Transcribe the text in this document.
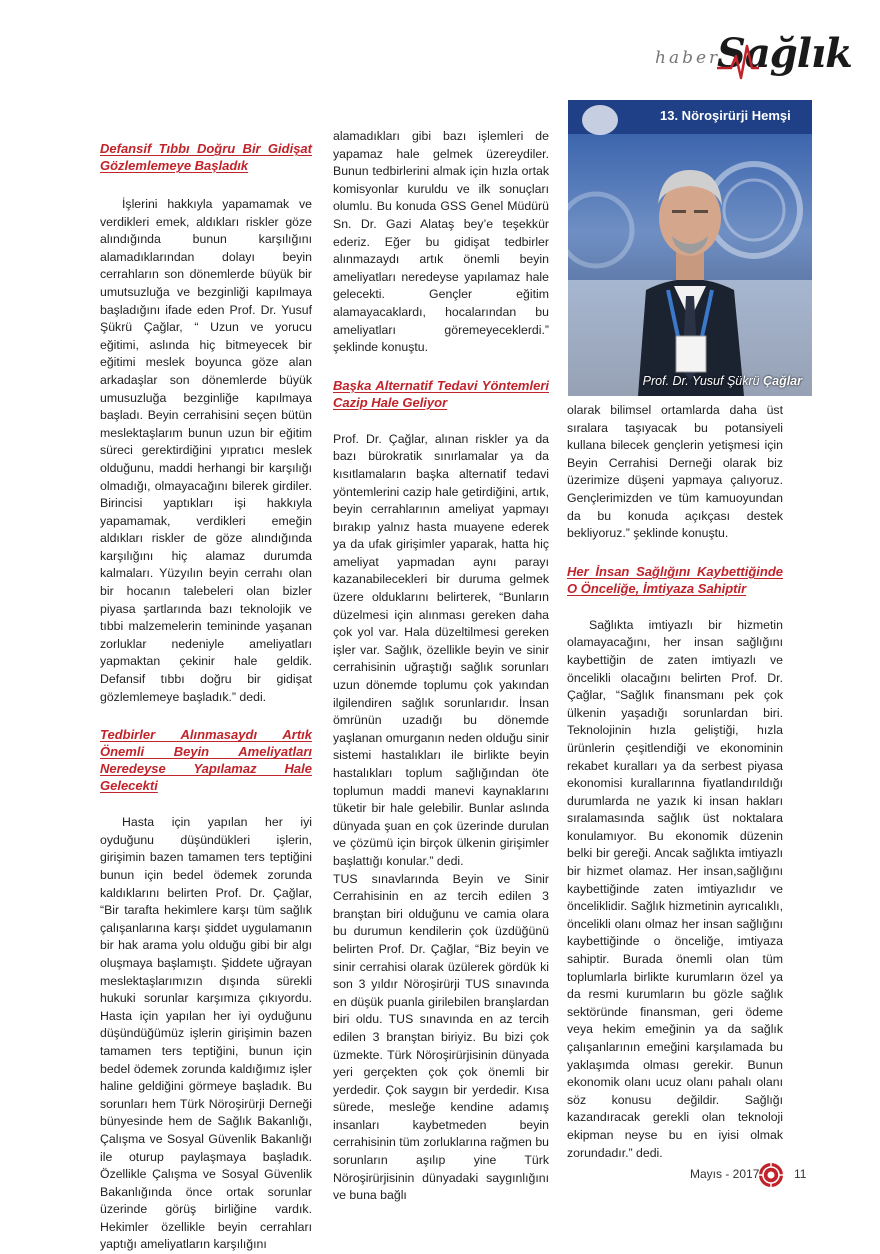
haber
Sağlık

Defansif Tıbbı Doğru Bir Gidişat Gözlemlemeye Başladık

İşlerini hakkıyla yapamamak ve verdikleri emek, aldıkları riskler göze alındığında bunun karşılığını alamadıklarından dolayı beyin cerrahların son dönemlerde büyük bir umutsuzluğa ve bezginliği kapılmaya başladığını ifade eden Prof. Dr. Yusuf Şükrü Çağlar, “ Uzun ve yorucu eğitimi, aslında hiç bitmeyecek bir eğitimi meslek boyunca göze alan arkadaşlar son dönemlerde büyük umusuzluğa bezginliğe kapılmaya başladı. Beyin cerrahisini seçen bütün meslektaşlarım bunun uzun bir eğitim süreci gerektirdiğini yıpratıcı meslek olduğunu, maddi herhangi bir karşılığı olmadığı, olmayacağını bilerek girdiler. Birincisi yaptıkları işi hakkıyla yapamamak, verdikleri emeğin aldıkları riskler de göze alındığında karşılığını hiç alamaz durumda kalmaları. Yüzyılın beyin cerrahı olan bir hocanın talebeleri olan bizler piyasa şartlarında bazı teknolojik ve tıbbi malzemelerin temininde yaşanan zorluklar nedeniyle ameliyatları yapmaktan çekinir hale geldik. Defansif tıbbı doğru bir gidişat gözlemlemeye başladık.” dedi.

Tedbirler Alınmasaydı Artık Önemli Beyin Ameliyatları Neredeyse Yapılamaz Hale Gelecekti

Hasta için yapılan her iyi oyduğunu düşündükleri işlerin, girişimin bazen tamamen ters teptiğini bunun için bedel ödemek zorunda kaldıklarını belirten Prof. Dr. Çağlar, “Bir tarafta hekimlere karşı tüm sağlık çalışanlarına karşı şiddet uygulamanın bir hak arama yolu olduğu gibi bir algı oluşmaya başlamıştı. Şiddete uğrayan meslektaşlarımızın dışında sürekli hukuki sorunlar karşımıza çıkıyordu. Hasta için yapılan her iyi oyduğunu düşündüğümüz işlerin girişimin bazen tamamen ters teptiğini, bunun için bedel ödemek zorunda kaldığımız işler haline geldiğini görmeye başladık. Bu sorunları hem Türk Nöroşirürji Derneği bünyesinde hem de Sağlık Bakanlığı, Çalışma ve Sosyal Güvenlik Bakanlığı ile oturup paylaşmaya başladık. Özellikle Çalışma ve Sosyal Güvenlik Bakanlığında önce ortak sorunlar üzerinde görüş birliğine vardık. Hekimler özellikle beyin cerrahları yaptığı ameliyatların karşılığını

alamadıkları gibi bazı işlemleri de yapamaz hale gelmek üzereydiler. Bunun tedbirlerini almak için hızla ortak komisyonlar kuruldu ve ilk sonuçları olumlu. Bu konuda GSS Genel Müdürü Sn. Dr. Gazi Alataş bey’e teşekkür ederiz. Eğer bu gidişat tedbirler alınmazaydı artık önemli beyin ameliyatları neredeyse yapılamaz hale gelecekti. Gençler eğitim alamayacaklardı, hocalarından bu ameliyatları göremeyeceklerdi.” şeklinde konuştu.

Başka Alternatif Tedavi Yöntemleri Cazip Hale Geliyor

Prof. Dr. Çağlar, alınan riskler ya da bazı bürokratik sınırlamalar ya da kısıtlamaların başka alternatif tedavi yöntemlerini cazip hale getirdiğini, artık, beyin cerrahlarının ameliyat yapmayı bırakıp yalnız hasta muayene ederek ya da ufak girişimler yaparak, hatta hiç ameliyat yapmadan aynı parayı kazanabilecekleri bir duruma gelmek üzere olduklarını belirterek, “Bunların düzelmesi için alınması gereken daha çok yol var. Hala düzeltilmesi gereken işler var. Sağlık, özellikle beyin ve sinir cerrahisinin uğraştığı sağlık sorunları uzun dönemde toplumu çok yakından ilgilendiren sağlık sorunlarıdır. İnsan ömrünün uzadığı bu dönemde yaşlanan omurganın neden olduğu sinir sistemi hastalıkları ile birlikte beyin hastalıkları toplum sağlığından öte toplumun maddi manevi kaynaklarını tüketir bir hale gelebilir. Bunlar aslında dünyada şuan en çok üzerinde durulan ve çözümü için birçok ülkenin girişimler başlattığı konular.” dedi.

TUS sınavlarında Beyin ve Sinir Cerrahisinin en az tercih edilen 3 branştan biri olduğunu ve camia olara bu durumun kendilerin çok üzdüğünü belirten Prof. Dr. Çağlar, “Biz beyin ve sinir cerrahisi olarak üzülerek gördük ki son 3 yıldır Nöroşirürji TUS sınavında en düşük puanla girilebilen branşlardan biri oldu. TUS sınavında en az tercih edilen 3 branştan biriyiz. Bu bizi çok üzmekte. Türk Nöroşirürjisinin dünyada yeri gerçekten çok çok önemli bir yerdedir. Çok saygın bir yerdedir. Kısa sürede, mesleğe kendine adamış insanları kaybetmeden beyin cerrahisinin tüm zorluklarına rağmen bu sorunların aşılıp yine Türk Nöroşirürjisinin dünyadaki saygınlığını ve buna bağlı

13. Nöroşirürji Hemşi
Prof. Dr. Yusuf Şükrü Çağlar

olarak bilimsel ortamlarda daha üst sıralara taşıyacak bu potansiyeli kullana bilecek gençlerin yetişmesi için Beyin Cerrahisi Derneği olarak biz üzerimize düşeni yapmaya çalıyoruz. Gençlerimizden ve tüm kamuoyundan da bu konuda açıkçası destek bekliyoruz.” şeklinde konuştu.

Her İnsan Sağlığını Kaybettiğinde O Önceliğe, İmtiyaza Sahiptir

Sağlıkta imtiyazlı bir hizmetin olamayacağını, her insan sağlığını kaybettiğin de zaten imtiyazlı ve öncelikli olacağını belirten Prof. Dr. Çağlar, “Sağlık finansmanı pek çok ülkenin yaşadığı sorunlardan biri. Teknolojinin hızla geliştiği, hızla ürünlerin çeşitlendiği ve ekonominin rekabet kuralları ya da serbest piyasa ekonomisi kurallarınna fiyatlandırıldığı durumlarda ne yazık ki insan hakları sıralamasında sağlık üst noktalara konulamıyor. Bu ekonomik düzenin belki bir gereği. Ancak sağlıkta imtiyazlı bir hizmet olamaz. Her insan,sağlığını kaybettiğinde zaten imtiyazlıdır ve önceliklidir. Sağlık hizmetinin ayrıcalıklı, öncelikli olanı olmaz her insan sağlığını kaybettiğinde o önceliğe, imtiyaza sahiptir. Burada önemli olan tüm toplumlarla birlikte kurumların özel ya da resmi kurumların bu gözle sağlık sektöründe finansman, geri ödeme veya hekim emeğinin ya da sağlık çalışanlarının emeğini karşılamada bu yaklaşımda olması gerekir. Bunun ekonomik olanı ucuz olanı pahalı olanı söz konusu değildir. Sağlığı kazandıracak gerekli olan teknoloji ekipman neyse bu en iyisi olmak zorundadır.” dedi.

Mayıs - 2017	11
